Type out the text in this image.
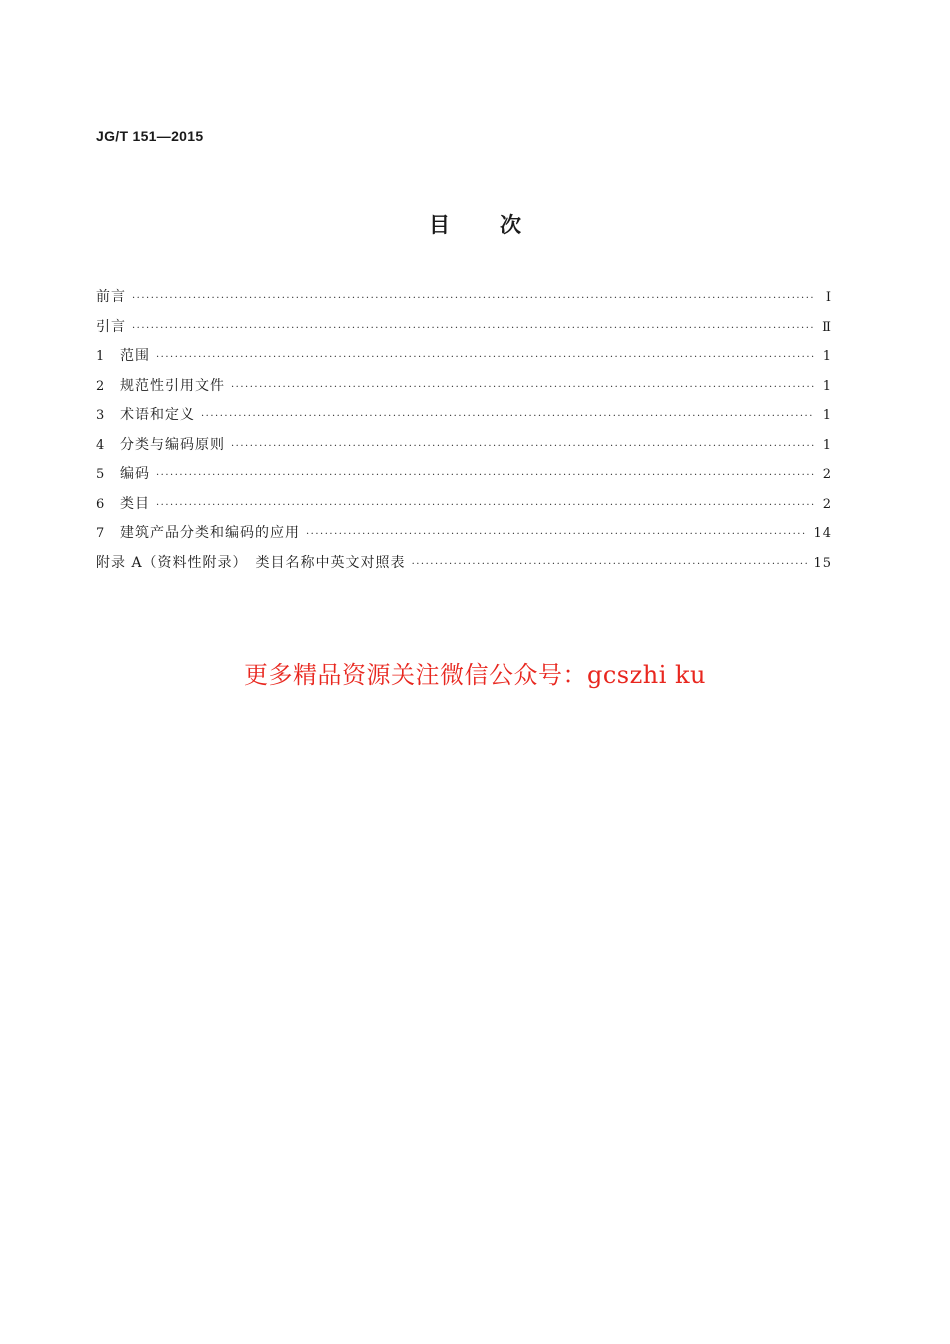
JG/T 151—2015
目 次
前言 ·····	Ⅰ
引言 ·····	Ⅱ
1	范围 ·····	1
2	规范性引用文件 ·····	1
3	术语和定义 ·····	1
4	分类与编码原则 ·····	1
5	编码 ·····	2
6	类目 ·····	2
7	建筑产品分类和编码的应用 ·····	14
附录 A（资料性附录）　类目名称中英文对照表 ·····	15
更多精品资源关注微信公众号：gcszhi ku
